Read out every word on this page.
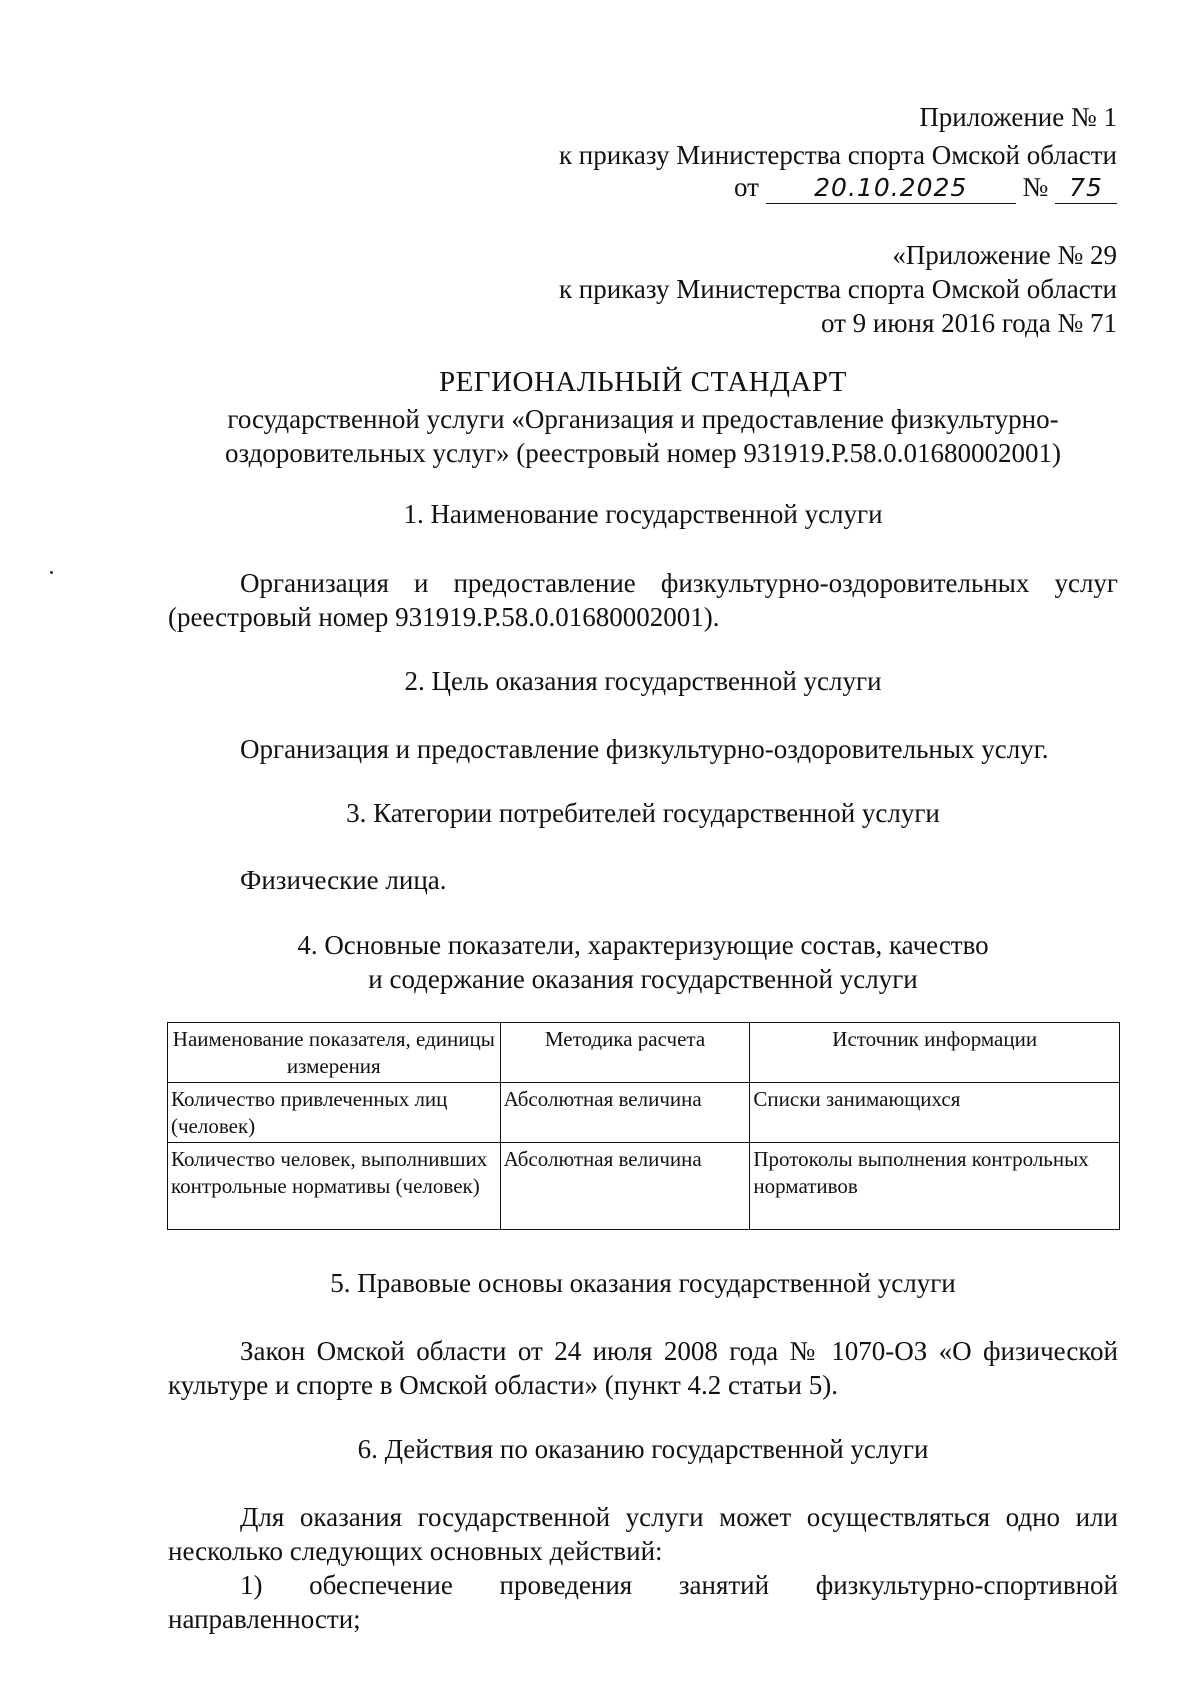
Приложение № 1
к приказу Министерства спорта Омской области
от 20.10.2025 № 75
«Приложение № 29
к приказу Министерства спорта Омской области
от 9 июня 2016 года № 71
РЕГИОНАЛЬНЫЙ СТАНДАРТ
государственной услуги «Организация и предоставление физкультурно-
оздоровительных услуг» (реестровый номер 931919.Р.58.0.01680002001)
1. Наименование государственной услуги
Организация и предоставление физкультурно-оздоровительных услуг
(реестровый номер 931919.Р.58.0.01680002001).
2. Цель оказания государственной услуги
Организация и предоставление физкультурно-оздоровительных услуг.
3. Категории потребителей государственной услуги
Физические лица.
4. Основные показатели, характеризующие состав, качество
и содержание оказания государственной услуги
Наименование показателя, единицы измерения	Методика расчета	Источник информации
Количество привлеченных лиц (человек)	Абсолютная величина	Списки занимающихся
Количество человек, выполнивших контрольные нормативы (человек)	Абсолютная величина	Протоколы выполнения контрольных нормативов
5. Правовые основы оказания государственной услуги
Закон Омской области от 24 июля 2008 года № 1070-ОЗ «О физической
культуре и спорте в Омской области» (пункт 4.2 статьи 5).
6. Действия по оказанию государственной услуги
Для оказания государственной услуги может осуществляться одно или
несколько следующих основных действий:
1) обеспечение проведения занятий физкультурно-спортивной
направленности;
